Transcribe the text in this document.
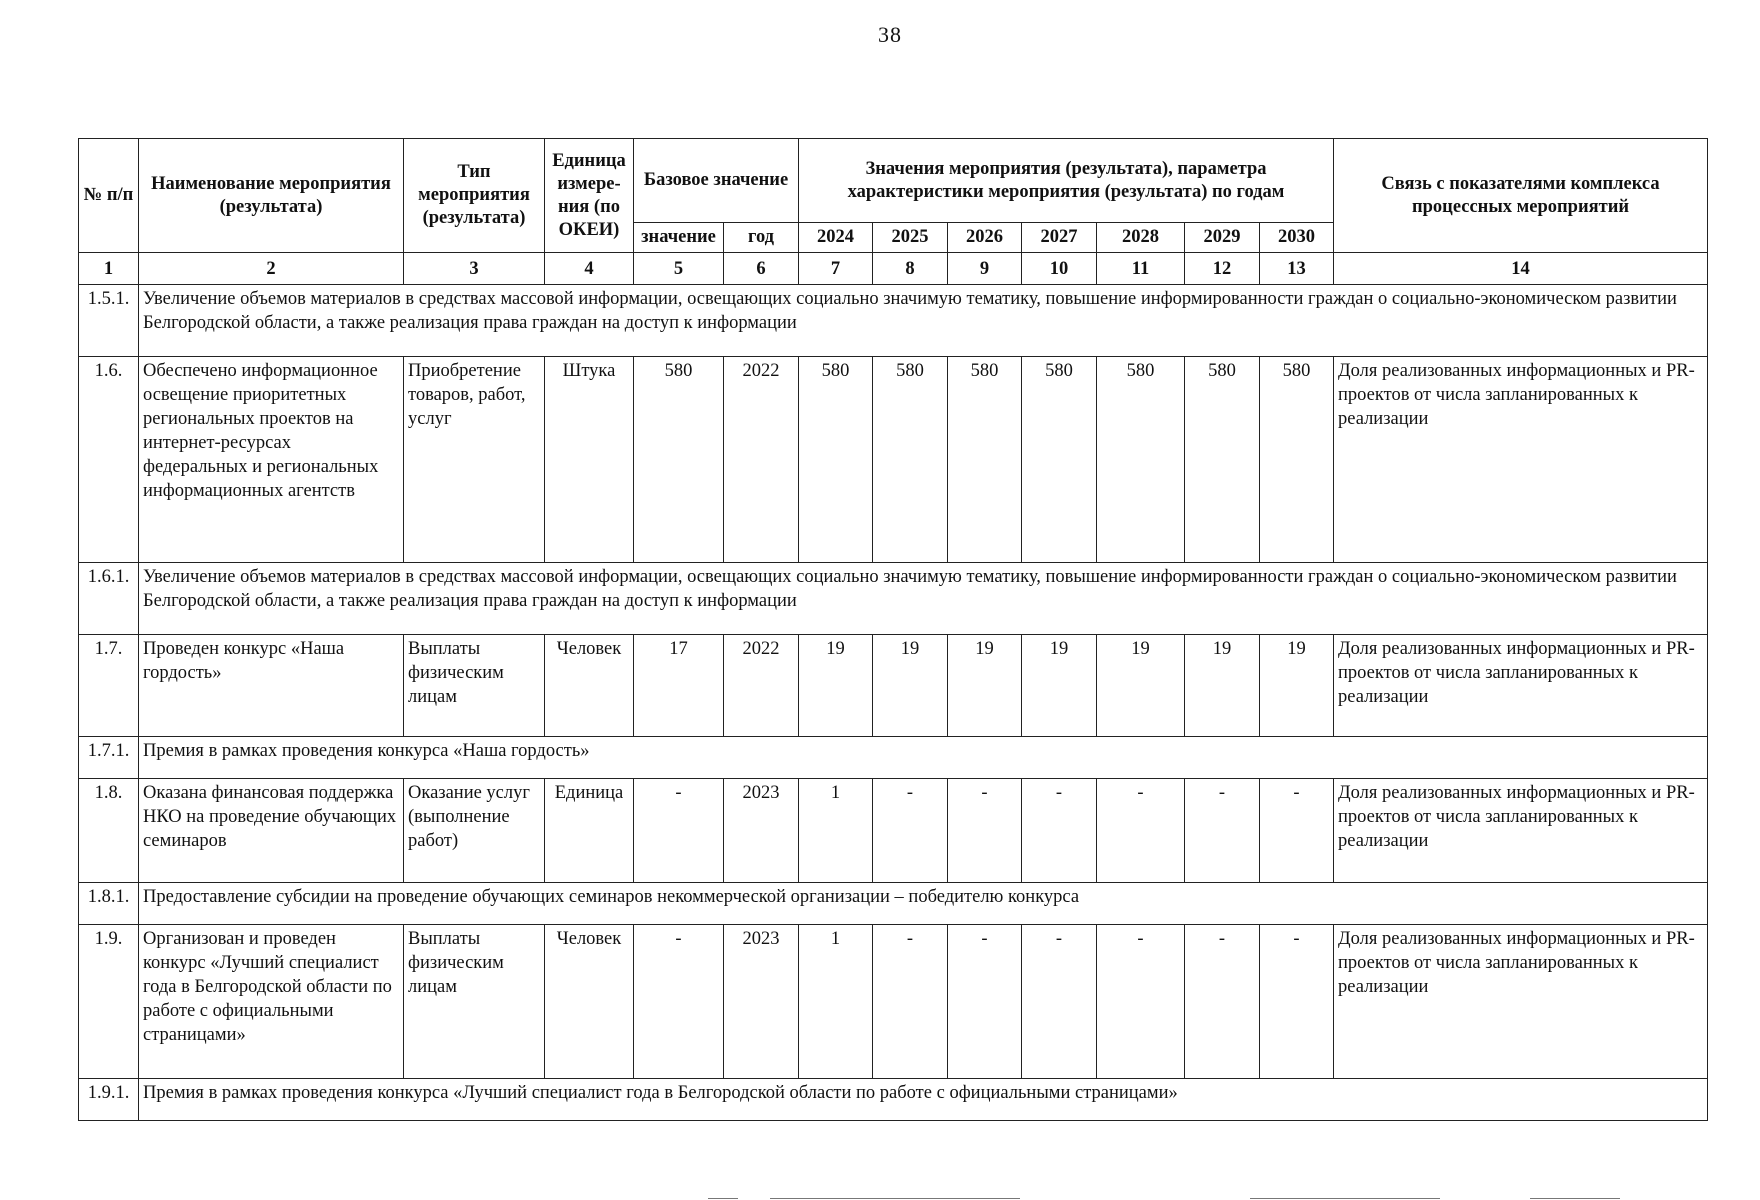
38
№ п/п	Наименование мероприятия (результата)	Тип мероприятия (результата)	Единица измере-ния (по ОКЕИ)	Базовое значение		Значения мероприятия (результата), параметра характеристики мероприятия (результата) по годам							Связь с показателями комплекса процессных мероприятий
				значение	год	2024	2025	2026	2027	2028	2029	2030	
1	2	3	4	5	6	7	8	9	10	11	12	13	14
1.5.1.	Увеличение объемов материалов в средствах массовой информации, освещающих социально значимую тематику, повышение информированности граждан о социально-экономическом развитии Белгородской области, а также реализация права граждан на доступ к информации												
1.6.	Обеспечено информационное освещение приоритетных региональных проектов на интернет-ресурсах федеральных и региональных информационных агентств	Приобретение товаров, работ, услуг	Штука	580	2022	580	580	580	580	580	580	580	Доля реализованных информационных и PR-проектов от числа запланированных к реализации
1.6.1.	Увеличение объемов материалов в средствах массовой информации, освещающих социально значимую тематику, повышение информированности граждан о социально-экономическом развитии Белгородской области, а также реализация права граждан на доступ к информации												
1.7.	Проведен конкурс «Наша гордость»	Выплаты физическим лицам	Человек	17	2022	19	19	19	19	19	19	19	Доля реализованных информационных и PR-проектов от числа запланированных к реализации
1.7.1.	Премия в рамках проведения конкурса «Наша гордость»												
1.8.	Оказана финансовая поддержка НКО на проведение обучающих семинаров	Оказание услуг (выполнение работ)	Единица	-	2023	1	-	-	-	-	-	-	Доля реализованных информационных и PR-проектов от числа запланированных к реализации
1.8.1.	Предоставление субсидии на проведение обучающих семинаров некоммерческой организации – победителю конкурса												
1.9.	Организован и проведен конкурс «Лучший специалист года в Белгородской области по работе с официальными страницами»	Выплаты физическим лицам	Человек	-	2023	1	-	-	-	-	-	-	Доля реализованных информационных и PR-проектов от числа запланированных к реализации
1.9.1.	Премия в рамках проведения конкурса «Лучший специалист года в Белгородской области по работе с официальными страницами»												
